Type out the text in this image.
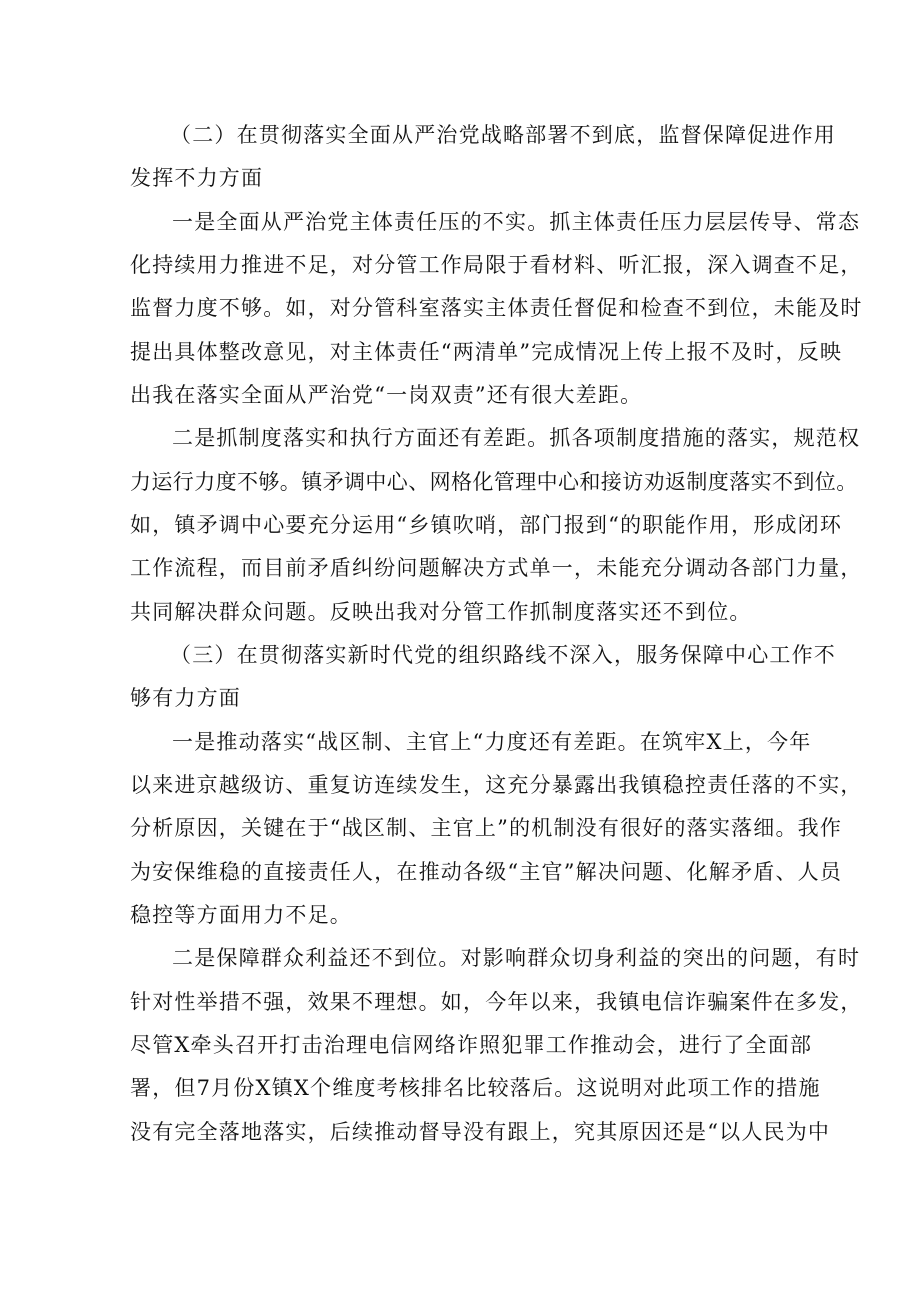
（二）在贯彻落实全面从严治党战略部署不到底，监督保障促进作用
发挥不力方面
一是全面从严治党主体责任压的不实。抓主体责任压力层层传导、常态
化持续用力推进不足，对分管工作局限于看材料、听汇报，深入调查不足，
监督力度不够。如，对分管科室落实主体责任督促和检查不到位，未能及时
提出具体整改意见，对主体责任“两清单”完成情况上传上报不及时，反映
出我在落实全面从严治党“一岗双责”还有很大差距。
二是抓制度落实和执行方面还有差距。抓各项制度措施的落实，规范权
力运行力度不够。镇矛调中心、网格化管理中心和接访劝返制度落实不到位。
如，镇矛调中心要充分运用“乡镇吹哨，部门报到“的职能作用，形成闭环
工作流程，而目前矛盾纠纷问题解决方式单一，未能充分调动各部门力量，
共同解决群众问题。反映出我对分管工作抓制度落实还不到位。
（三）在贯彻落实新时代党的组织路线不深入，服务保障中心工作不
够有力方面
一是推动落实“战区制、主官上“力度还有差距。在筑牢X上，今年
以来进京越级访、重复访连续发生，这充分暴露出我镇稳控责任落的不实，
分析原因，关键在于“战区制、主官上”的机制没有很好的落实落细。我作
为安保维稳的直接责任人，在推动各级“主官”解决问题、化解矛盾、人员
稳控等方面用力不足。
二是保障群众利益还不到位。对影响群众切身利益的突出的问题，有时
针对性举措不强，效果不理想。如，今年以来，我镇电信诈骗案件在多发，
尽管X牵头召开打击治理电信网络诈照犯罪工作推动会，进行了全面部
署，但7月份X镇X个维度考核排名比较落后。这说明对此项工作的措施
没有完全落地落实，后续推动督导没有跟上，究其原因还是“以人民为中
